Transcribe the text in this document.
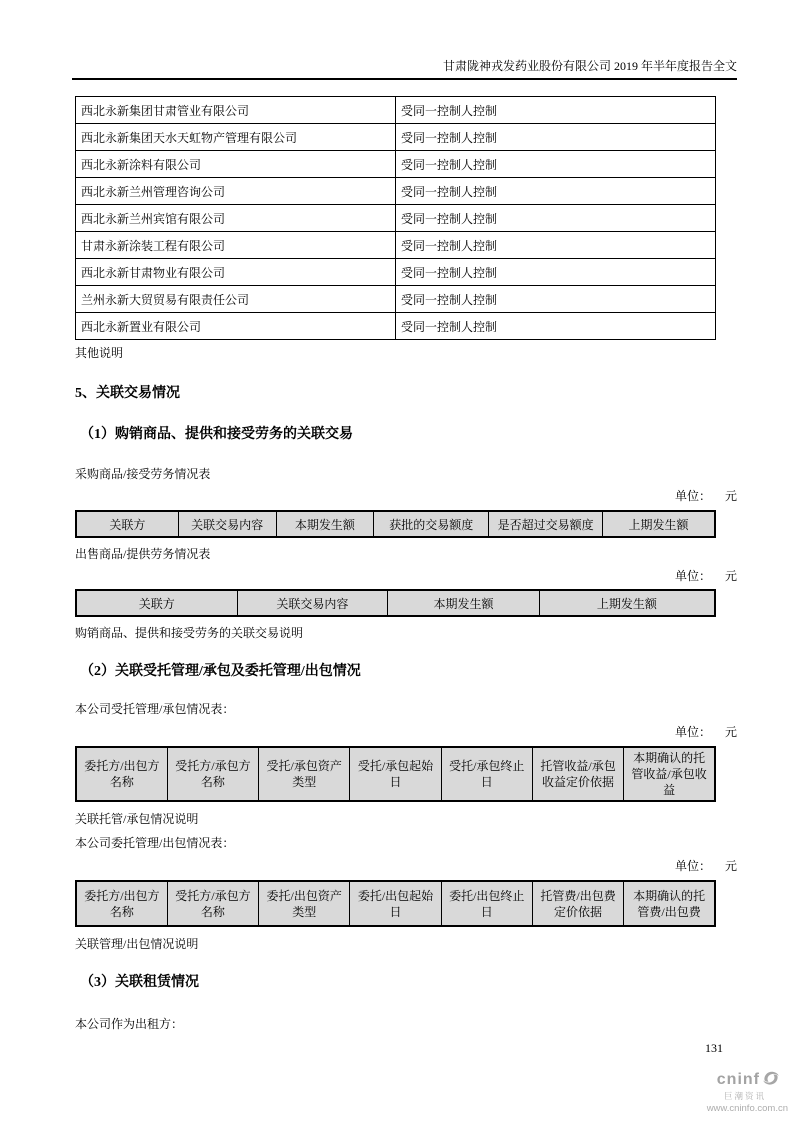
甘肃陇神戎发药业股份有限公司 2019 年半年度报告全文
西北永新集团甘肃管业有限公司	受同一控制人控制
西北永新集团天水天虹物产管理有限公司	受同一控制人控制
西北永新涂料有限公司	受同一控制人控制
西北永新兰州管理咨询公司	受同一控制人控制
西北永新兰州宾馆有限公司	受同一控制人控制
甘肃永新涂装工程有限公司	受同一控制人控制
西北永新甘肃物业有限公司	受同一控制人控制
兰州永新大贸贸易有限责任公司	受同一控制人控制
西北永新置业有限公司	受同一控制人控制

其他说明

5、关联交易情况
（1）购销商品、提供和接受劳务的关联交易

采购商品/接受劳务情况表

单位： 元

关联方	关联交易内容	本期发生额	获批的交易额度	是否超过交易额度	上期发生额

出售商品/提供劳务情况表

单位： 元

关联方	关联交易内容	本期发生额	上期发生额

购销商品、提供和接受劳务的关联交易说明

（2）关联受托管理/承包及委托管理/出包情况

本公司受托管理/承包情况表：

单位： 元

委托方/出包方名称	受托方/承包方名称	受托/承包资产类型	受托/承包起始日	受托/承包终止日	托管收益/承包收益定价依据	本期确认的托管收益/承包收益

关联托管/承包情况说明

本公司委托管理/出包情况表：

单位： 元

委托方/出包方名称	受托方/承包方名称	委托/出包资产类型	委托/出包起始日	委托/出包终止日	托管费/出包费定价依据	本期确认的托管费/出包费

关联管理/出包情况说明

（3）关联租赁情况

本公司作为出租方：

131
cninf
巨潮资讯
www.cninfo.com.cn
